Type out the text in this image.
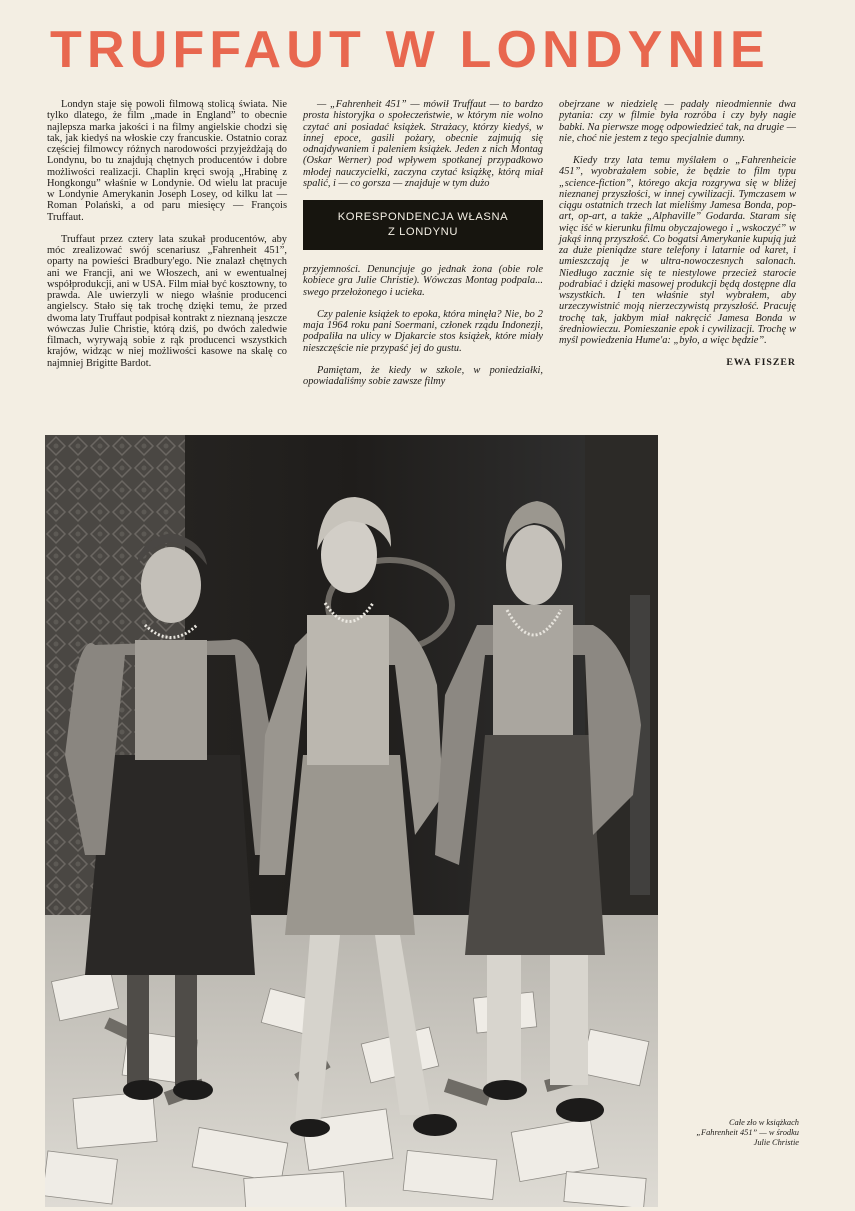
TRUFFAUT W LONDYNIE

Londyn staje się powoli filmową stolicą świata. Nie tylko dlatego, że film „made in England” to obecnie najlepsza marka jakości i na filmy angielskie chodzi się tak, jak kiedyś na włoskie czy francuskie. Ostatnio coraz częściej filmowcy różnych narodowości przyjeżdżają do Londynu, bo tu znajdują chętnych producentów i dobre możliwości realizacji. Chaplin kręci swoją „Hrabinę z Hongkongu” właśnie w Londynie. Od wielu lat pracuje w Londynie Amerykanin Joseph Losey, od kilku lat — Roman Polański, a od paru miesięcy — François Truffaut.

Truffaut przez cztery lata szukał producentów, aby móc zrealizować swój scenariusz „Fahrenheit 451”, oparty na powieści Bradbury'ego. Nie znalazł chętnych ani we Francji, ani we Włoszech, ani w ewentualnej współprodukcji, ani w USA. Film miał być kosztowny, to prawda. Ale uwierzyli w niego właśnie producenci angielscy. Stało się tak trochę dzięki temu, że przed dwoma laty Truffaut podpisał kontrakt z nieznaną jeszcze wówczas Julie Christie, którą dziś, po dwóch zaledwie filmach, wyrywają sobie z rąk producenci wszystkich krajów, widząc w niej możliwości kasowe na skalę co najmniej Brigitte Bardot.

— „Fahrenheit 451” — mówił Truffaut — to bardzo prosta historyjka o społeczeństwie, w którym nie wolno czytać ani posiadać książek. Strażacy, którzy kiedyś, w innej epoce, gasili pożary, obecnie zajmują się odnajdywaniem i paleniem książek. Jeden z nich Montag (Oskar Werner) pod wpływem spotkanej przypadkowo młodej nauczycielki, zaczyna czytać książkę, którą miał spalić, i — co gorsza — znajduje w tym dużo

KORESPONDENCJA WŁASNA
Z LONDYNU

przyjemności. Denuncjuje go jednak żona (obie role kobiece gra Julie Christie). Wówczas Montag podpala... swego przełożonego i ucieka.

Czy palenie książek to epoka, która minęła? Nie, bo 2 maja 1964 roku pani Soermani, członek rządu Indonezji, podpaliła na ulicy w Djakarcie stos książek, które miały nieszczęście nie przypaść jej do gustu.

Pamiętam, że kiedy w szkole, w poniedziałki, opowiadaliśmy sobie zawsze filmy

obejrzane w niedzielę — padały nieodmiennie dwa pytania: czy w filmie była rozróba i czy były nagie babki. Na pierwsze mogę odpowiedzieć tak, na drugie — nie, choć nie jestem z tego specjalnie dumny.

Kiedy trzy lata temu myślałem o „Fahrenheicie 451”, wyobrażałem sobie, że będzie to film typu „science-fiction”, którego akcja rozgrywa się w bliżej nieznanej przyszłości, w innej cywilizacji. Tymczasem w ciągu ostatnich trzech lat mieliśmy Jamesa Bonda, pop-art, op-art, a także „Alphaville” Godarda. Staram się więc iść w kierunku filmu obyczajowego i „wskoczyć” w jakąś inną przyszłość. Co bogatsi Amerykanie kupują już za duże pieniądze stare telefony i latarnie od karet, i umieszczają je w ultra-nowoczesnych salonach. Niedługo zacznie się te niestylowe przecież starocie podrabiać i dzięki masowej produkcji będą dostępne dla wszystkich. I ten właśnie styl wybrałem, aby urzeczywistnić moją nierzeczywistą przyszłość. Pracuję trochę tak, jakbym miał nakręcić Jamesa Bonda w średniowieczu. Pomieszanie epok i cywilizacji. Trochę w myśl powiedzenia Hume'a: „było, a więc będzie”.

EWA FISZER
Całe zło w książkach
„Fahrenheit 451” — w środku
Julie Christie
